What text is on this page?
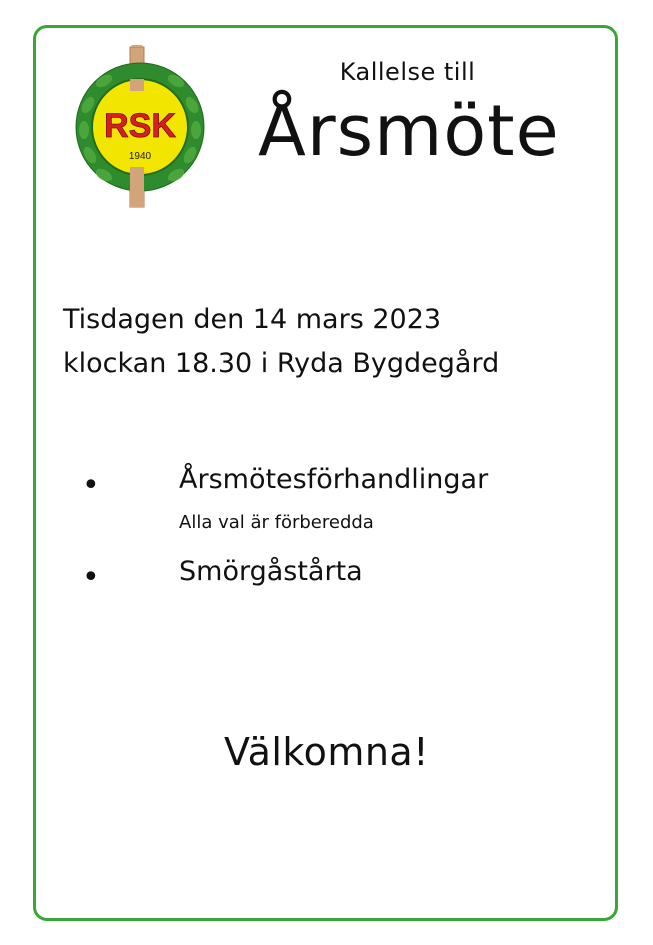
RSK
1940
Kallelse till
Årsmöte
Tisdagen den 14 mars 2023
klockan 18.30 i Ryda Bygdegård
•	Årsmötesförhandlingar
Alla val är förberedda
•	Smörgåstårta
Välkomna!
